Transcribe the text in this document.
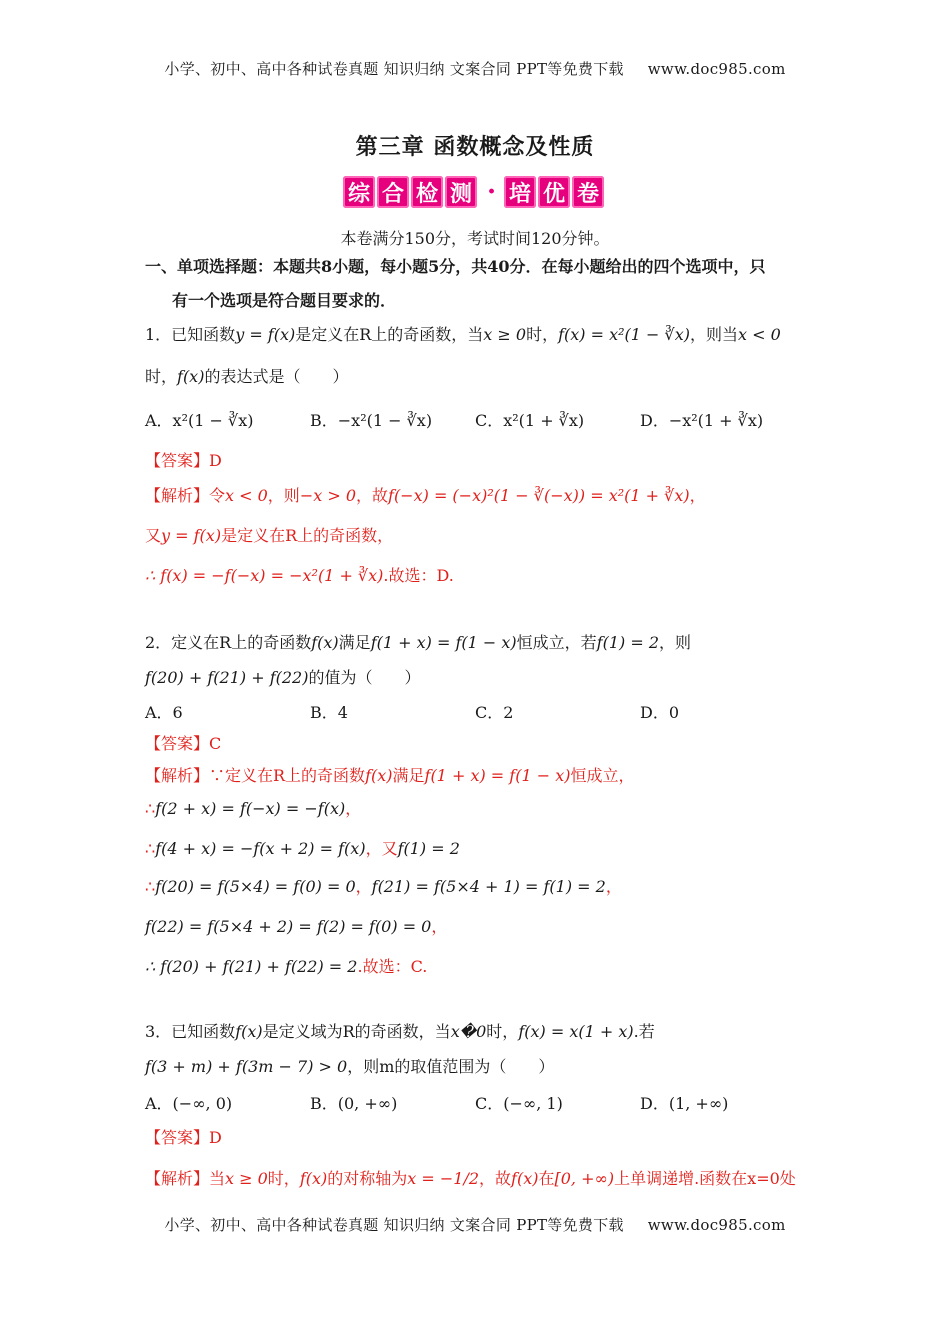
小学、初中、高中各种试卷真题 知识归纳 文案合同 PPT等免费下载 www.doc985.com
第三章 函数概念及性质
综 合 检 测 · 培 优 卷
本卷满分150分，考试时间120分钟。
一、单项选择题：本题共8小题，每小题5分，共40分．在每小题给出的四个选项中，只
有一个选项是符合题目要求的．
1．已知函数y = f(x)是定义在R上的奇函数，当x ≥ 0时，f(x) = x²(1 − ∛x)，则当x < 0
时，f(x)的表达式是（　　）
A．x²(1 − ∛x)	B．−x²(1 − ∛x)	C．x²(1 + ∛x)	D．−x²(1 + ∛x)
【答案】D
【解析】令x < 0，则−x > 0，故f(−x) = (−x)²(1 − ∛(−x)) = x²(1 + ∛x)，
又y = f(x)是定义在R上的奇函数，
∴ f(x) = −f(−x) = −x²(1 + ∛x).故选：D.
2．定义在R上的奇函数f(x)满足f(1 + x) = f(1 − x)恒成立，若f(1) = 2，则
f(20) + f(21) + f(22)的值为（　　）
A．6	B．4	C．2	D．0
【答案】C
【解析】∵定义在R上的奇函数f(x)满足f(1 + x) = f(1 − x)恒成立，
∴f(2 + x) = f(−x) = −f(x)，
∴f(4 + x) = −f(x + 2) = f(x)，又f(1) = 2
∴f(20) = f(5×4) = f(0) = 0，f(21) = f(5×4 + 1) = f(1) = 2，
f(22) = f(5×4 + 2) = f(2) = f(0) = 0，
∴ f(20) + f(21) + f(22) = 2.故选：C.
3．已知函数f(x)是定义域为R的奇函数，当x�0时，f(x) = x(1 + x).若
f(3 + m) + f(3m − 7) > 0，则m的取值范围为（　　）
A．(−∞, 0)	B．(0, +∞)	C．(−∞, 1)	D．(1, +∞)
【答案】D
【解析】当x ≥ 0时，f(x)的对称轴为x = −1/2，故f(x)在[0, +∞)上单调递增.函数在x=0处
小学、初中、高中各种试卷真题 知识归纳 文案合同 PPT等免费下载 www.doc985.com
